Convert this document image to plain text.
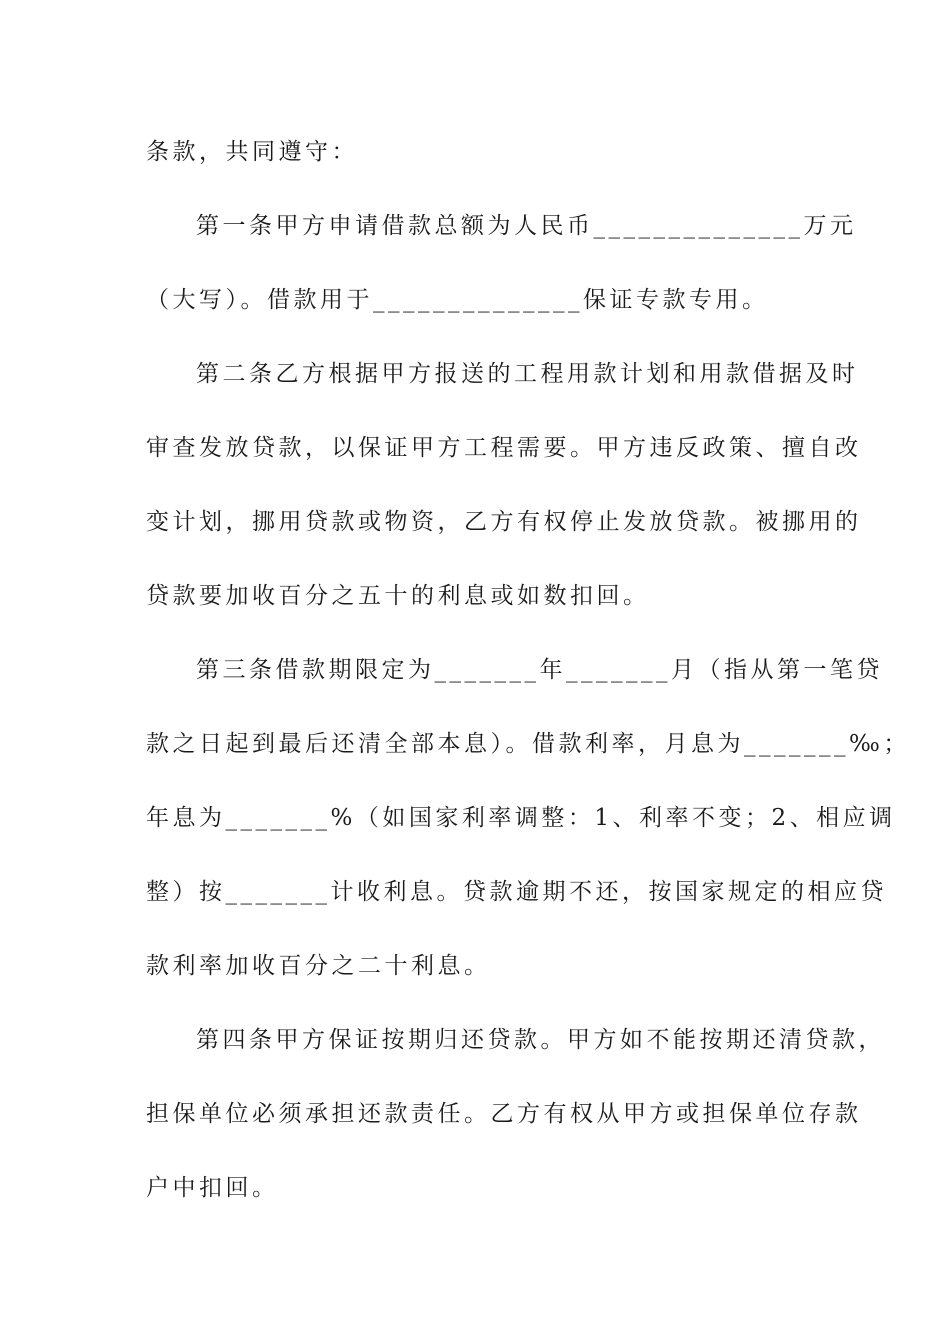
条款，共同遵守：
第一条甲方申请借款总额为人民币______________万元
（大写）。借款用于______________保证专款专用。
第二条乙方根据甲方报送的工程用款计划和用款借据及时
审查发放贷款，以保证甲方工程需要。甲方违反政策、擅自改
变计划，挪用贷款或物资，乙方有权停止发放贷款。被挪用的
贷款要加收百分之五十的利息或如数扣回。
第三条借款期限定为_______年_______月（指从第一笔贷
款之日起到最后还清全部本息）。借款利率，月息为_______‰；
年息为_______%（如国家利率调整：1、利率不变；2、相应调
整）按_______计收利息。贷款逾期不还，按国家规定的相应贷
款利率加收百分之二十利息。
第四条甲方保证按期归还贷款。甲方如不能按期还清贷款，
担保单位必须承担还款责任。乙方有权从甲方或担保单位存款
户中扣回。
